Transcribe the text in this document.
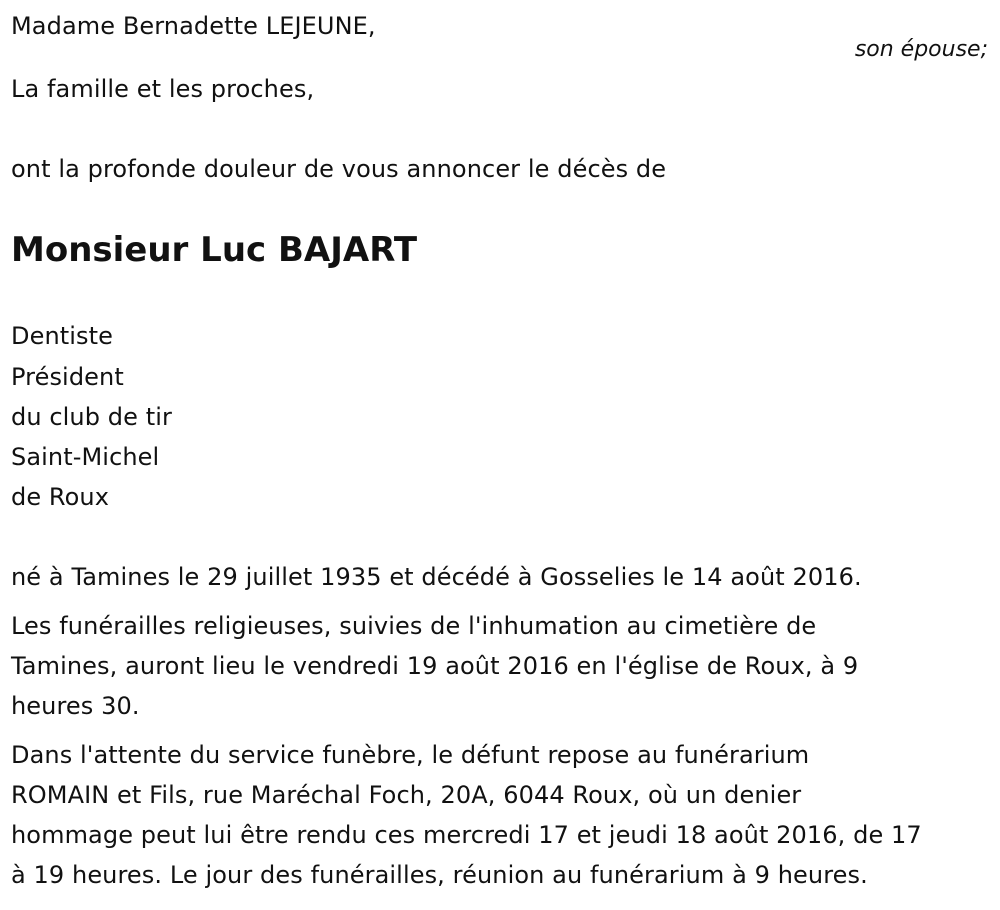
Madame Bernadette LEJEUNE,
son épouse;
La famille et les proches,
ont la profonde douleur de vous annoncer le décès de
Monsieur Luc BAJART
Dentiste
Président
du club de tir
Saint-Michel
de Roux
né à Tamines le 29 juillet 1935 et décédé à Gosselies le 14 août 2016.
Les funérailles religieuses, suivies de l'inhumation au cimetière de
Tamines, auront lieu le vendredi 19 août 2016 en l'église de Roux, à 9
heures 30.
Dans l'attente du service funèbre, le défunt repose au funérarium
ROMAIN et Fils, rue Maréchal Foch, 20A, 6044 Roux, où un denier
hommage peut lui être rendu ces mercredi 17 et jeudi 18 août 2016, de 17
à 19 heures. Le jour des funérailles, réunion au funérarium à 9 heures.
